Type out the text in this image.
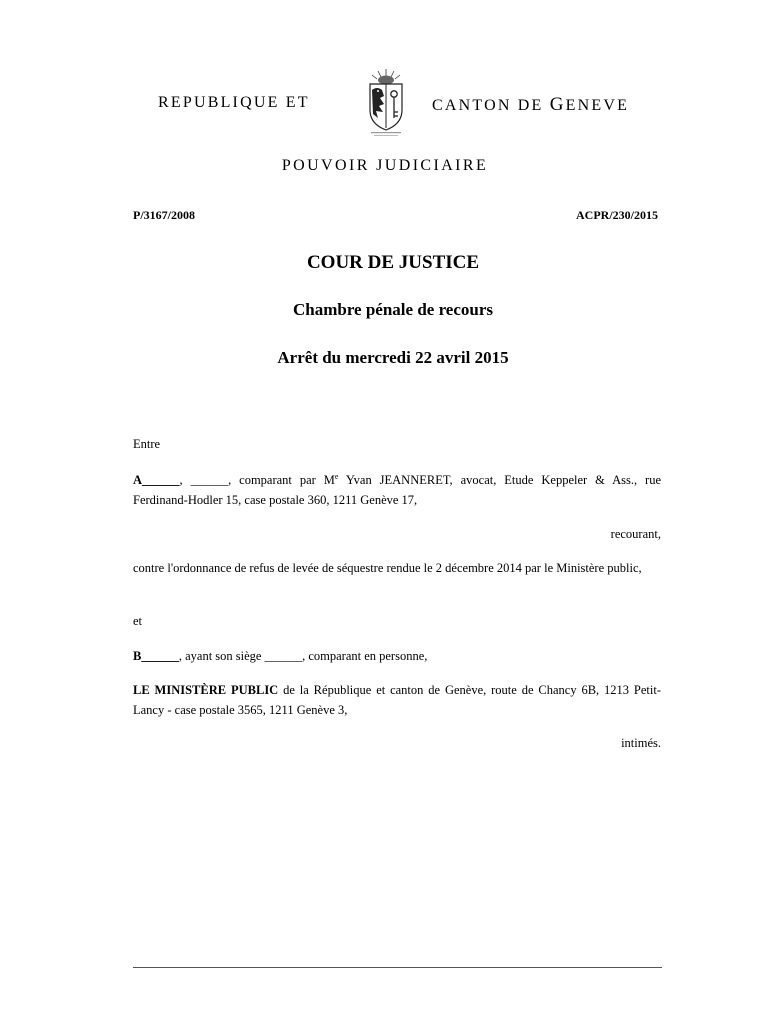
REPUBLIQUE ET	CANTON DE GENEVE
POUVOIR JUDICIAIRE
P/3167/2008	ACPR/230/2015
COUR DE JUSTICE
Chambre pénale de recours
Arrêt du mercredi 22 avril 2015
Entre
A______, ______, comparant par Me Yvan JEANNERET, avocat, Etude Keppeler & Ass., rue Ferdinand-Hodler 15, case postale 360, 1211 Genève 17,
recourant,
contre l'ordonnance de refus de levée de séquestre rendue le 2 décembre 2014 par le Ministère public,
et
B______, ayant son siège ______, comparant en personne,
LE MINISTÈRE PUBLIC de la République et canton de Genève, route de Chancy 6B, 1213 Petit-Lancy - case postale 3565, 1211 Genève 3,
intimés.
